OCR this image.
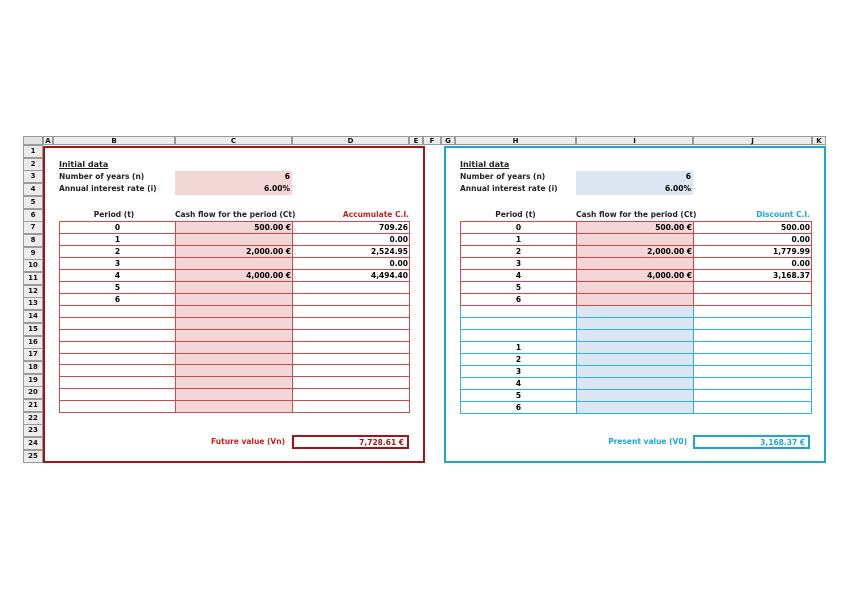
A	B	C	D	E	F	G	H	I	J	K
1
2
3
4
5
6
7
8
9
10
11
12
13
14
15
16
17
18
19
20
21
22
23
24
25
Initial data
Number of years (n)	6
Annual interest rate (i)	6.00%
Period (t)	Cash flow for the period (Ct)	Accumulate C.I.
0	500.00 €	709.26
1		0.00
2	2,000.00 €	2,524.95
3		0.00
4	4,000.00 €	4,494.40
5		
6		

Future value (Vn)	7,728.61 €
Initial data
Number of years (n)	6
Annual interest rate (i)	6.00%
Period (t)	Cash flow for the period (Ct)	Discount C.I.
0	500.00 €	500.00
1		0.00
2	2,000.00 €	1,779.99
3		0.00
4	4,000.00 €	3,168.37
5		
6		

1		
2		
3		
4		
5		
6		
Present value (V0)	3,168.37 €
